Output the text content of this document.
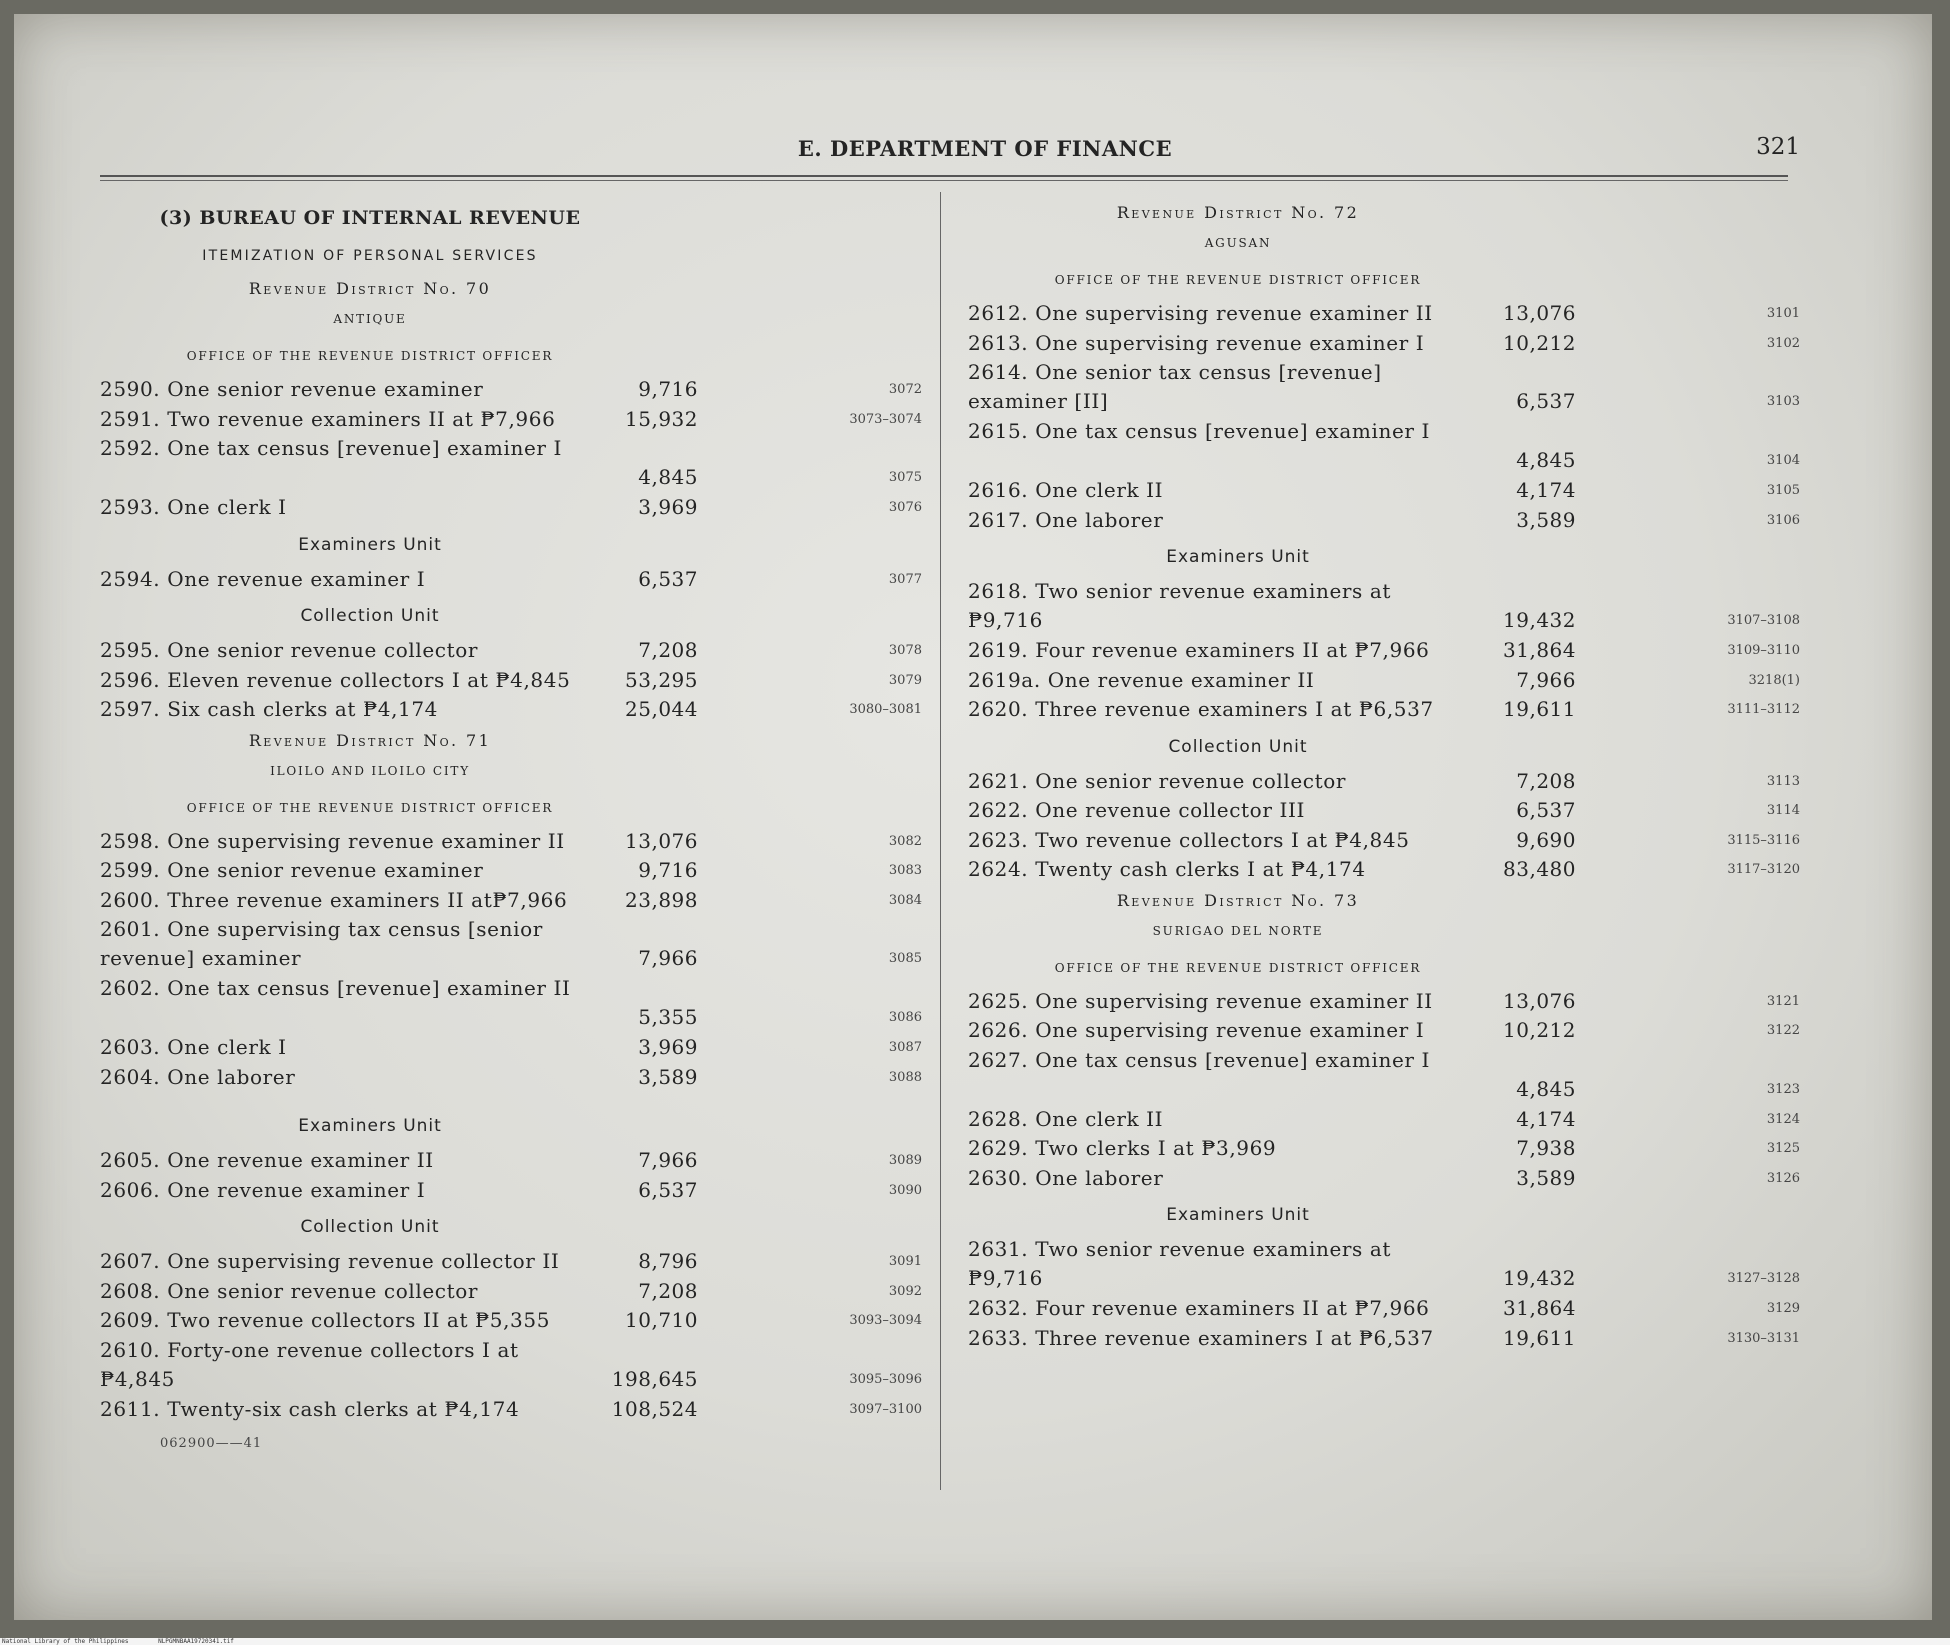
E. DEPARTMENT OF FINANCE	321
(3) BUREAU OF INTERNAL REVENUE
ITEMIZATION OF PERSONAL SERVICES
Revenue District No. 70
ANTIQUE
OFFICE OF THE REVENUE DISTRICT OFFICER
2590. One senior revenue examiner	9,716	3072
2591. Two revenue examiners II at ₱7,966	15,932	3073–3074
2592. One tax census [revenue] examiner I
4,845	3075
2593. One clerk I	3,969	3076
Examiners Unit
2594. One revenue examiner I	6,537	3077
Collection Unit
2595. One senior revenue collector	7,208	3078
2596. Eleven revenue collectors I at ₱4,845	53,295	3079
2597. Six cash clerks at ₱4,174	25,044	3080–3081
Revenue District No. 71
ILOILO AND ILOILO CITY
OFFICE OF THE REVENUE DISTRICT OFFICER
2598. One supervising revenue examiner II	13,076	3082
2599. One senior revenue examiner	9,716	3083
2600. Three revenue examiners II at₱7,966	23,898	3084
2601. One supervising tax census [senior revenue] examiner	7,966	3085
2602. One tax census [revenue] examiner II
5,355	3086
2603. One clerk I	3,969	3087
2604. One laborer	3,589	3088
Examiners Unit
2605. One revenue examiner II	7,966	3089
2606. One revenue examiner I	6,537	3090
Collection Unit
2607. One supervising revenue collector II	8,796	3091
2608. One senior revenue collector	7,208	3092
2609. Two revenue collectors II at ₱5,355	10,710	3093–3094
2610. Forty-one revenue collectors I at ₱4,845	198,645	3095–3096
2611. Twenty-six cash clerks at ₱4,174	108,524	3097–3100
062900——41
Revenue District No. 72
AGUSAN
OFFICE OF THE REVENUE DISTRICT OFFICER
2612. One supervising revenue examiner II	13,076	3101
2613. One supervising revenue examiner I	10,212	3102
2614. One senior tax census [revenue] examiner [II]	6,537	3103
2615. One tax census [revenue] examiner I
4,845	3104
2616. One clerk II	4,174	3105
2617. One laborer	3,589	3106
Examiners Unit
2618. Two senior revenue examiners at ₱9,716	19,432	3107–3108
2619. Four revenue examiners II at ₱7,966	31,864	3109–3110
2619a. One revenue examiner II	7,966	3218(1)
2620. Three revenue examiners I at ₱6,537	19,611	3111–3112
Collection Unit
2621. One senior revenue collector	7,208	3113
2622. One revenue collector III	6,537	3114
2623. Two revenue collectors I at ₱4,845	9,690	3115–3116
2624. Twenty cash clerks I at ₱4,174	83,480	3117–3120
Revenue District No. 73
SURIGAO DEL NORTE
OFFICE OF THE REVENUE DISTRICT OFFICER
2625. One supervising revenue examiner II	13,076	3121
2626. One supervising revenue examiner I	10,212	3122
2627. One tax census [revenue] examiner I
4,845	3123
2628. One clerk II	4,174	3124
2629. Two clerks I at ₱3,969	7,938	3125
2630. One laborer	3,589	3126
Examiners Unit
2631. Two senior revenue examiners at ₱9,716	19,432	3127–3128
2632. Four revenue examiners II at ₱7,966	31,864	3129
2633. Three revenue examiners I at ₱6,537	19,611	3130–3131
National Library of the Philippines	NLPGMNBAA19720341.tif
